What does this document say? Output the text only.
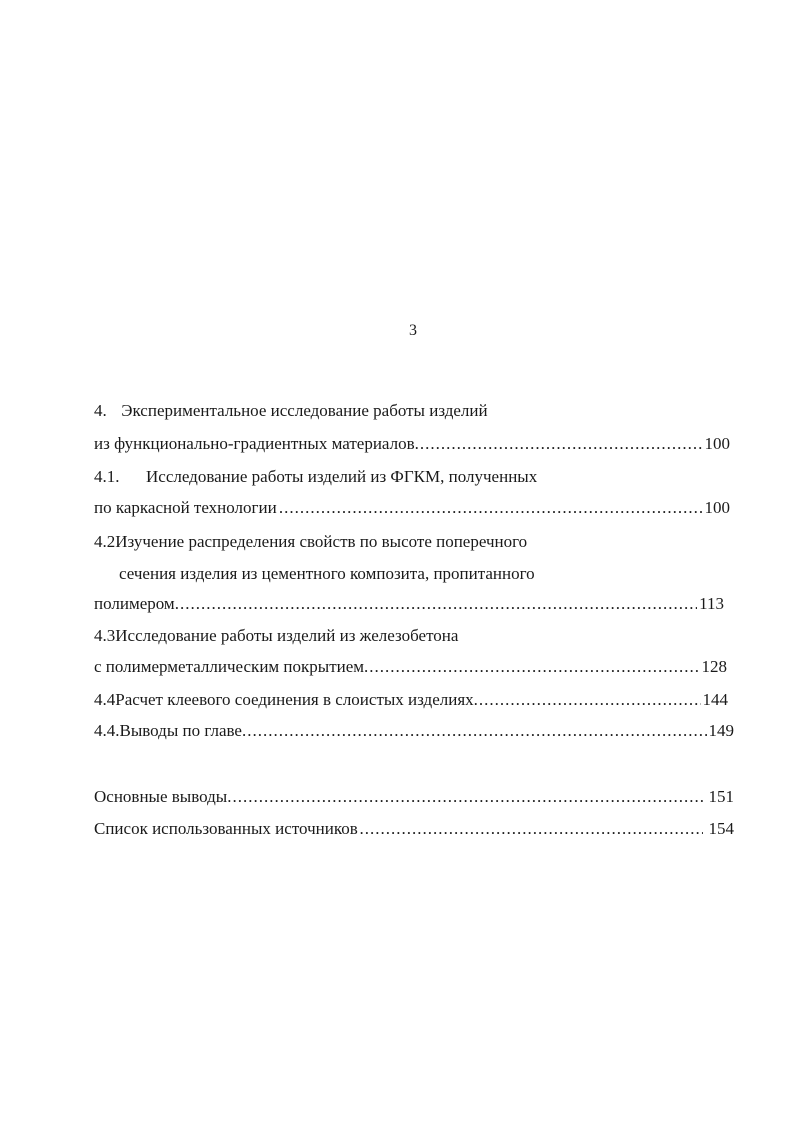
3
4. Экспериментальное исследование работы изделий
из функционально-градиентных материалов .....	100
4.1. Исследование работы изделий из ФГКМ, полученных
по каркасной технологии .....	100
4.2Изучение распределения свойств по высоте поперечного
сечения изделия из цементного композита, пропитанного
полимером .....	113
4.3Исследование работы изделий из железобетона
с полимерметаллическим покрытием .....	128
4.4 Расчет клеевого соединения в слоистых изделиях .....	144
4.4. Выводы по главе .....	149
Основные выводы .....	151
Список использованных источников .....	154
